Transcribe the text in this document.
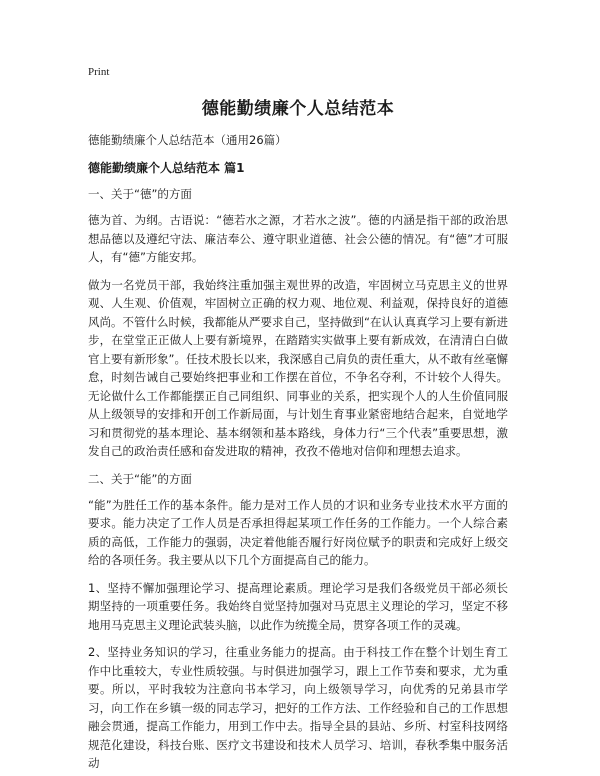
Print
德能勤绩廉个人总结范本

德能勤绩廉个人总结范本（通用26篇）

德能勤绩廉个人总结范本 篇1

一、关于“德”的方面

德为首、为纲。古语说：“德若水之源，才若水之波”。德的内涵是指干部的政治思想品德以及遵纪守法、廉洁奉公、遵守职业道德、社会公德的情况。有“德”才可服人，有“德”方能安邦。

做为一名党员干部，我始终注重加强主观世界的改造，牢固树立马克思主义的世界观、人生观、价值观，牢固树立正确的权力观、地位观、利益观，保持良好的道德风尚。不管什么时候，我都能从严要求自己，坚持做到“在认认真真学习上要有新进步，在堂堂正正做人上要有新境界，在踏踏实实做事上要有新成效，在清清白白做官上要有新形象”。任技术股长以来，我深感自己肩负的责任重大，从不敢有丝毫懈怠，时刻告诫自己要始终把事业和工作摆在首位，不争名夺利，不计较个人得失。无论做什么工作都能摆正自己同组织、同事业的关系，把实现个人的人生价值同服从上级领导的安排和开创工作新局面，与计划生育事业紧密地结合起来，自觉地学习和贯彻党的基本理论、基本纲领和基本路线，身体力行“三个代表”重要思想，激发自己的政治责任感和奋发进取的精神，孜孜不倦地对信仰和理想去追求。

二、关于“能”的方面

“能”为胜任工作的基本条件。能力是对工作人员的才识和业务专业技术水平方面的要求。能力决定了工作人员是否承担得起某项工作任务的工作能力。一个人综合素质的高低，工作能力的强弱，决定着他能否履行好岗位赋予的职责和完成好上级交给的各项任务。我主要从以下几个方面提高自己的能力。

1、坚持不懈加强理论学习、提高理论素质。理论学习是我们各级党员干部必须长期坚持的一项重要任务。我始终自觉坚持加强对马克思主义理论的学习，坚定不移地用马克思主义理论武装头脑，以此作为统揽全局，贯穿各项工作的灵魂。

2、坚持业务知识的学习，往重业务能力的提高。由于科技工作在整个计划生育工作中比重较大，专业性质较强。与时俱进加强学习，跟上工作节奏和要求，尤为重要。所以，平时我较为注意向书本学习，向上级领导学习，向优秀的兄弟县市学习，向工作在乡镇一级的同志学习，把好的工作方法、工作经验和自己的工作思想融会贯通，提高工作能力，用到工作中去。指导全县的县站、乡所、村室科技网络规范化建设，科技台账、医疗文书建设和技术人员学习、培训，春秋季集中服务活动
